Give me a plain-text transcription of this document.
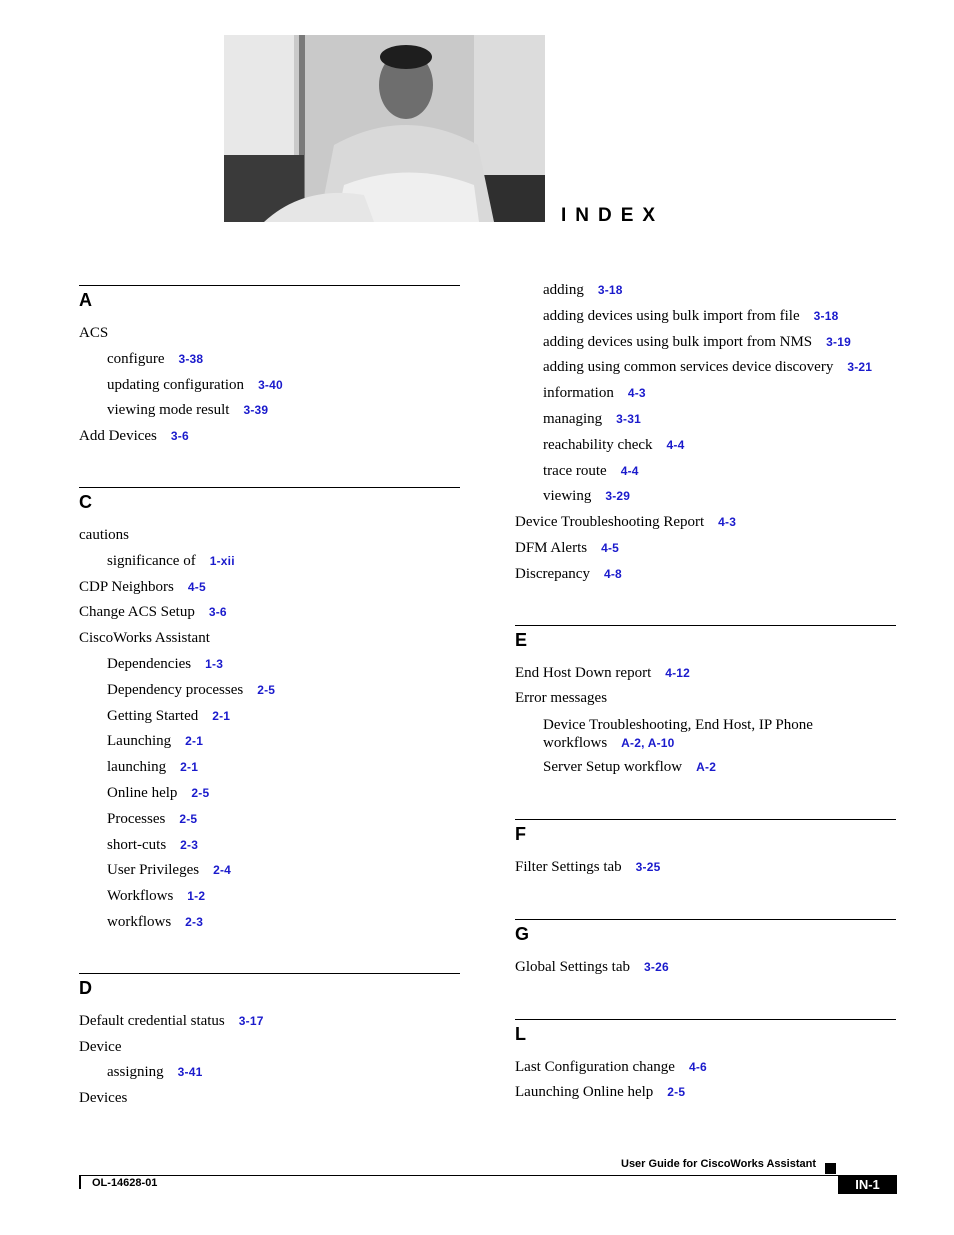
INDEX
A
ACS
configure 3-38
updating configuration 3-40
viewing mode result 3-39
Add Devices 3-6
C
cautions
significance of 1-xii
CDP Neighbors 4-5
Change ACS Setup 3-6
CiscoWorks Assistant
Dependencies 1-3
Dependency processes 2-5
Getting Started 2-1
Launching 2-1
launching 2-1
Online help 2-5
Processes 2-5
short-cuts 2-3
User Privileges 2-4
Workflows 1-2
workflows 2-3
D
Default credential status 3-17
Device
assigning 3-41
Devices
adding 3-18
adding devices using bulk import from file 3-18
adding devices using bulk import from NMS 3-19
adding using common services device discovery 3-21
information 4-3
managing 3-31
reachability check 4-4
trace route 4-4
viewing 3-29
Device Troubleshooting Report 4-3
DFM Alerts 4-5
Discrepancy 4-8
E
End Host Down report 4-12
Error messages
Device Troubleshooting, End Host, IP Phone workflows A-2, A-10
Server Setup workflow A-2
F
Filter Settings tab 3-25
G
Global Settings tab 3-26
L
Last Configuration change 4-6
Launching Online help 2-5
User Guide for CiscoWorks Assistant
OL-14628-01	IN-1
